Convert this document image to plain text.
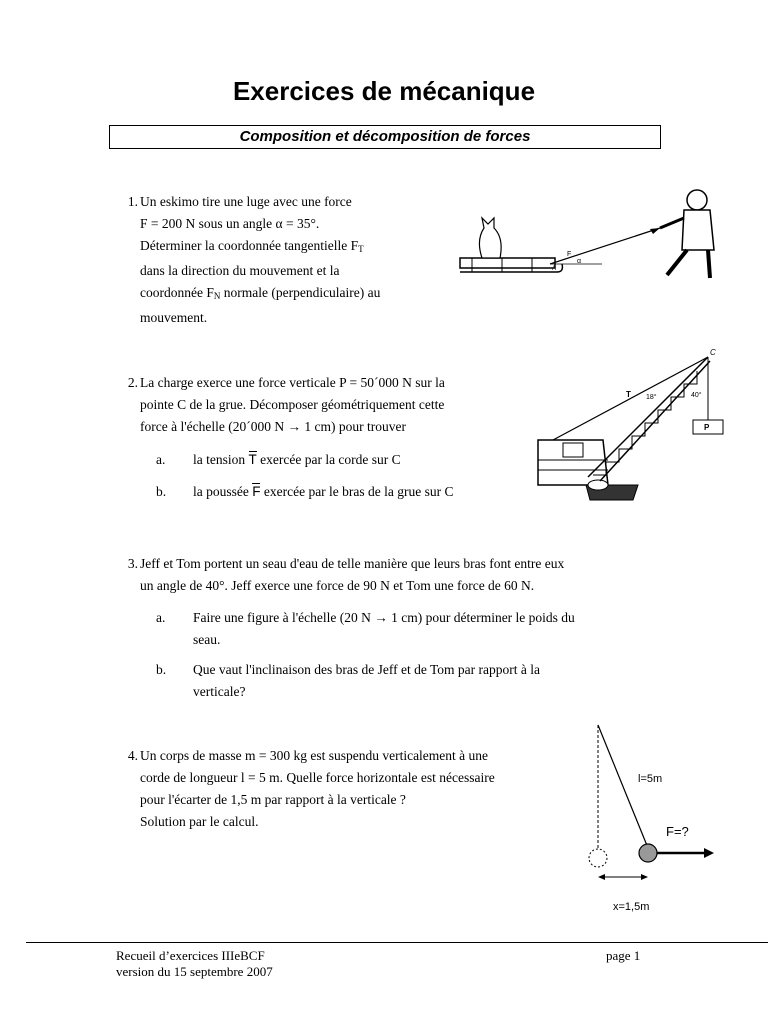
Exercices de mécanique
Composition et décomposition de forces
1. Un eskimo tire une luge avec une force
F = 200 N sous un angle α = 35°.
Déterminer la coordonnée tangentielle $F_T$
dans la direction du mouvement et la
coordonnée $F_N$ normale (perpendiculaire) au
mouvement.
F
α
A
2. La charge exerce une force verticale P = 50´000 N sur la
pointe C de la grue. Décomposer géométriquement cette
force à l'échelle (20´000 N → 1 cm) pour trouver
a. la tension T exercée par la corde sur C
b. la poussée F exercée par le bras de la grue sur C
C
T 18°	40°
P
3. Jeff et Tom portent un seau d'eau de telle manière que leurs bras font entre eux
un angle de 40°. Jeff exerce une force de 90 N et Tom une force de 60 N.
a. Faire une figure à l'échelle (20 N → 1 cm) pour déterminer le poids du
seau.
b. Que vaut l'inclinaison des bras de Jeff et de Tom par rapport à la
verticale?
4. Un corps de masse m = 300 kg est suspendu verticalement à une
corde de longueur l = 5 m. Quelle force horizontale est nécessaire
pour l'écarter de 1,5 m par rapport à la verticale ?
Solution par le calcul.
l=5m
F=?
x=1,5m
Recueil d’exercices IIIeBCF
version du 15 septembre 2007
page 1
